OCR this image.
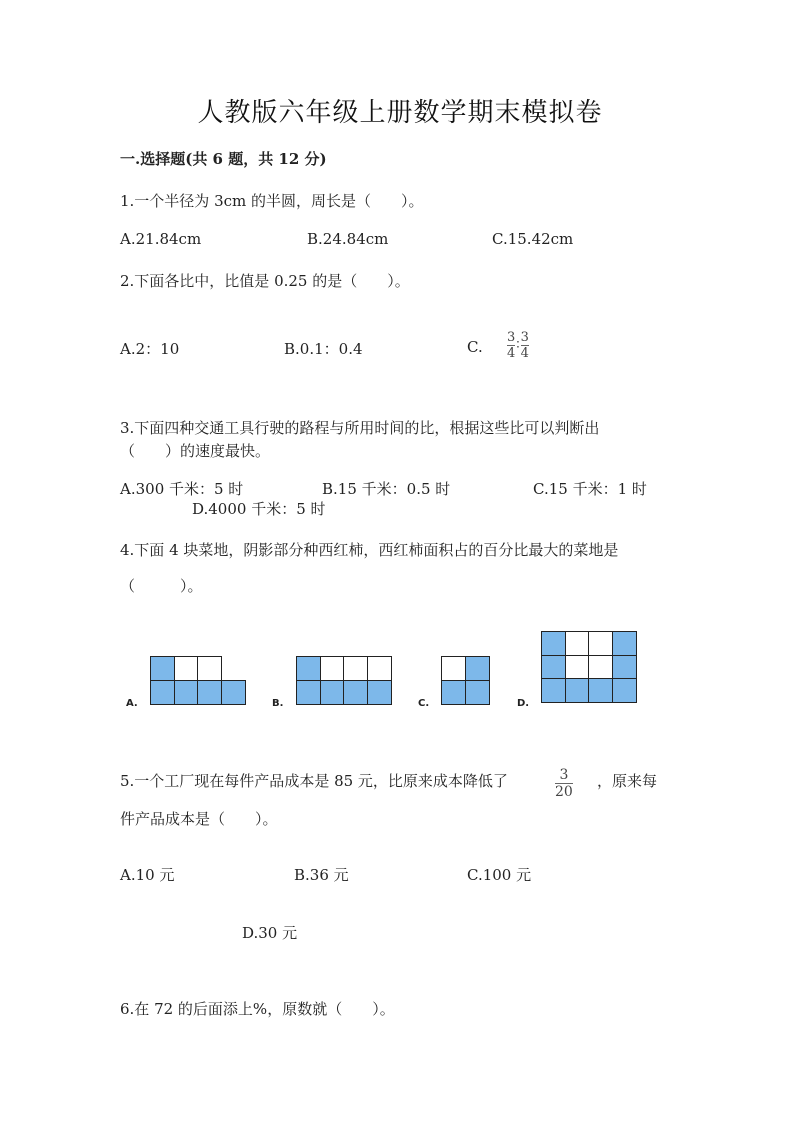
人教版六年级上册数学期末模拟卷
一.选择题(共 6 题，共 12 分)
1.一个半径为 3cm 的半圆，周长是（　　）。
A.21.84cm	B.24.84cm	C.15.42cm
2.下面各比中，比值是 0.25 的是（　　）。
A.2：10	B.0.1：0.4	C. $\frac{3}{4}$ ∶ $\frac{3}{4}$
3.下面四种交通工具行驶的路程与所用时间的比，根据这些比可以判断出
（　　）的速度最快。
A.300 千米：5 时	B.15 千米：0.5 时	C.15 千米：1 时
D.4000 千米：5 时
4.下面 4 块菜地，阴影部分种西红柿，西红柿面积占的百分比最大的菜地是
（　　　）。
A.	B.	C.	D.
5.一个工厂现在每件产品成本是 85 元，比原来成本降低了	$\frac{3}{20}$ ，原来每
件产品成本是（　　）。
A.10 元	B.36 元	C.100 元
D.30 元
6.在 72 的后面添上%，原数就（　　）。
